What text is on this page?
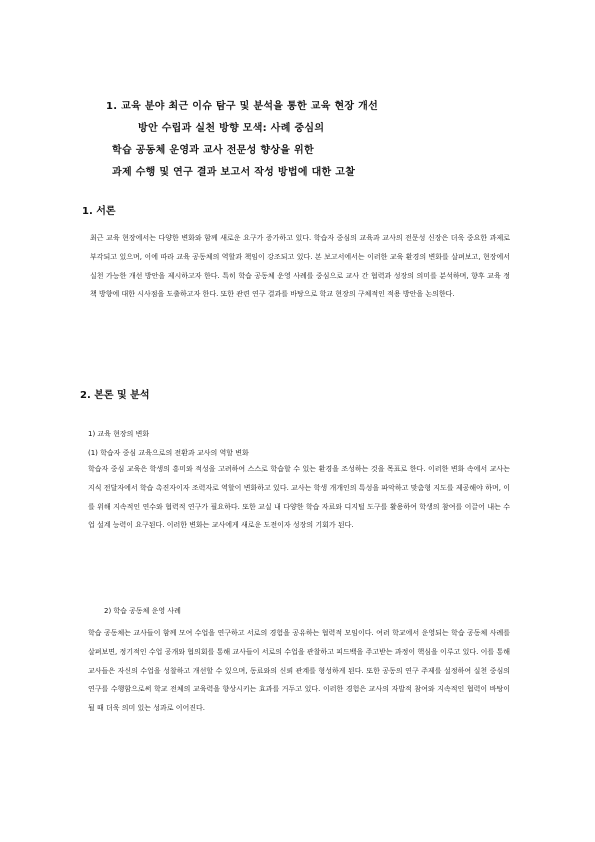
1. 교육 분야 최근 이슈 탐구 및 분석을 통한 교육 현장 개선
방안 수립과 실천 방향 모색: 사례 중심의
학습 공동체 운영과 교사 전문성 향상을 위한
과제 수행 및 연구 결과 보고서 작성 방법에 대한 고찰
1. 서론
최근 교육 현장에서는 다양한 변화와 함께 새로운 요구가 증가하고 있다. 학습자 중심의 교육과 교사의 전문성 신장은 더욱 중요한 과제로 부각되고 있으며, 이에 따라 교육 공동체의 역할과 책임이 강조되고 있다. 본 보고서에서는 이러한 교육 환경의 변화를 살펴보고, 현장에서 실천 가능한 개선 방안을 제시하고자 한다. 특히 학습 공동체 운영 사례를 중심으로 교사 간 협력과 성장의 의미를 분석하며, 향후 교육 정책 방향에 대한 시사점을 도출하고자 한다. 또한 관련 연구 결과를 바탕으로 학교 현장의 구체적인 적용 방안을 논의한다.
2. 본론 및 분석
1) 교육 현장의 변화
(1) 학습자 중심 교육으로의 전환과 교사의 역할 변화
학습자 중심 교육은 학생의 흥미와 적성을 고려하여 스스로 학습할 수 있는 환경을 조성하는 것을 목표로 한다. 이러한 변화 속에서 교사는 지식 전달자에서 학습 촉진자이자 조력자로 역할이 변화하고 있다. 교사는 학생 개개인의 특성을 파악하고 맞춤형 지도를 제공해야 하며, 이를 위해 지속적인 연수와 협력적 연구가 필요하다. 또한 교실 내 다양한 학습 자료와 디지털 도구를 활용하여 학생의 참여를 이끌어 내는 수업 설계 능력이 요구된다. 이러한 변화는 교사에게 새로운 도전이자 성장의 기회가 된다.
2) 학습 공동체 운영 사례
학습 공동체는 교사들이 함께 모여 수업을 연구하고 서로의 경험을 공유하는 협력적 모임이다. 여러 학교에서 운영되는 학습 공동체 사례를 살펴보면, 정기적인 수업 공개와 협의회를 통해 교사들이 서로의 수업을 관찰하고 피드백을 주고받는 과정이 핵심을 이루고 있다. 이를 통해 교사들은 자신의 수업을 성찰하고 개선할 수 있으며, 동료와의 신뢰 관계를 형성하게 된다. 또한 공동의 연구 주제를 설정하여 실천 중심의 연구를 수행함으로써 학교 전체의 교육력을 향상시키는 효과를 거두고 있다. 이러한 경험은 교사의 자발적 참여와 지속적인 협력이 바탕이 될 때 더욱 의미 있는 성과로 이어진다.
